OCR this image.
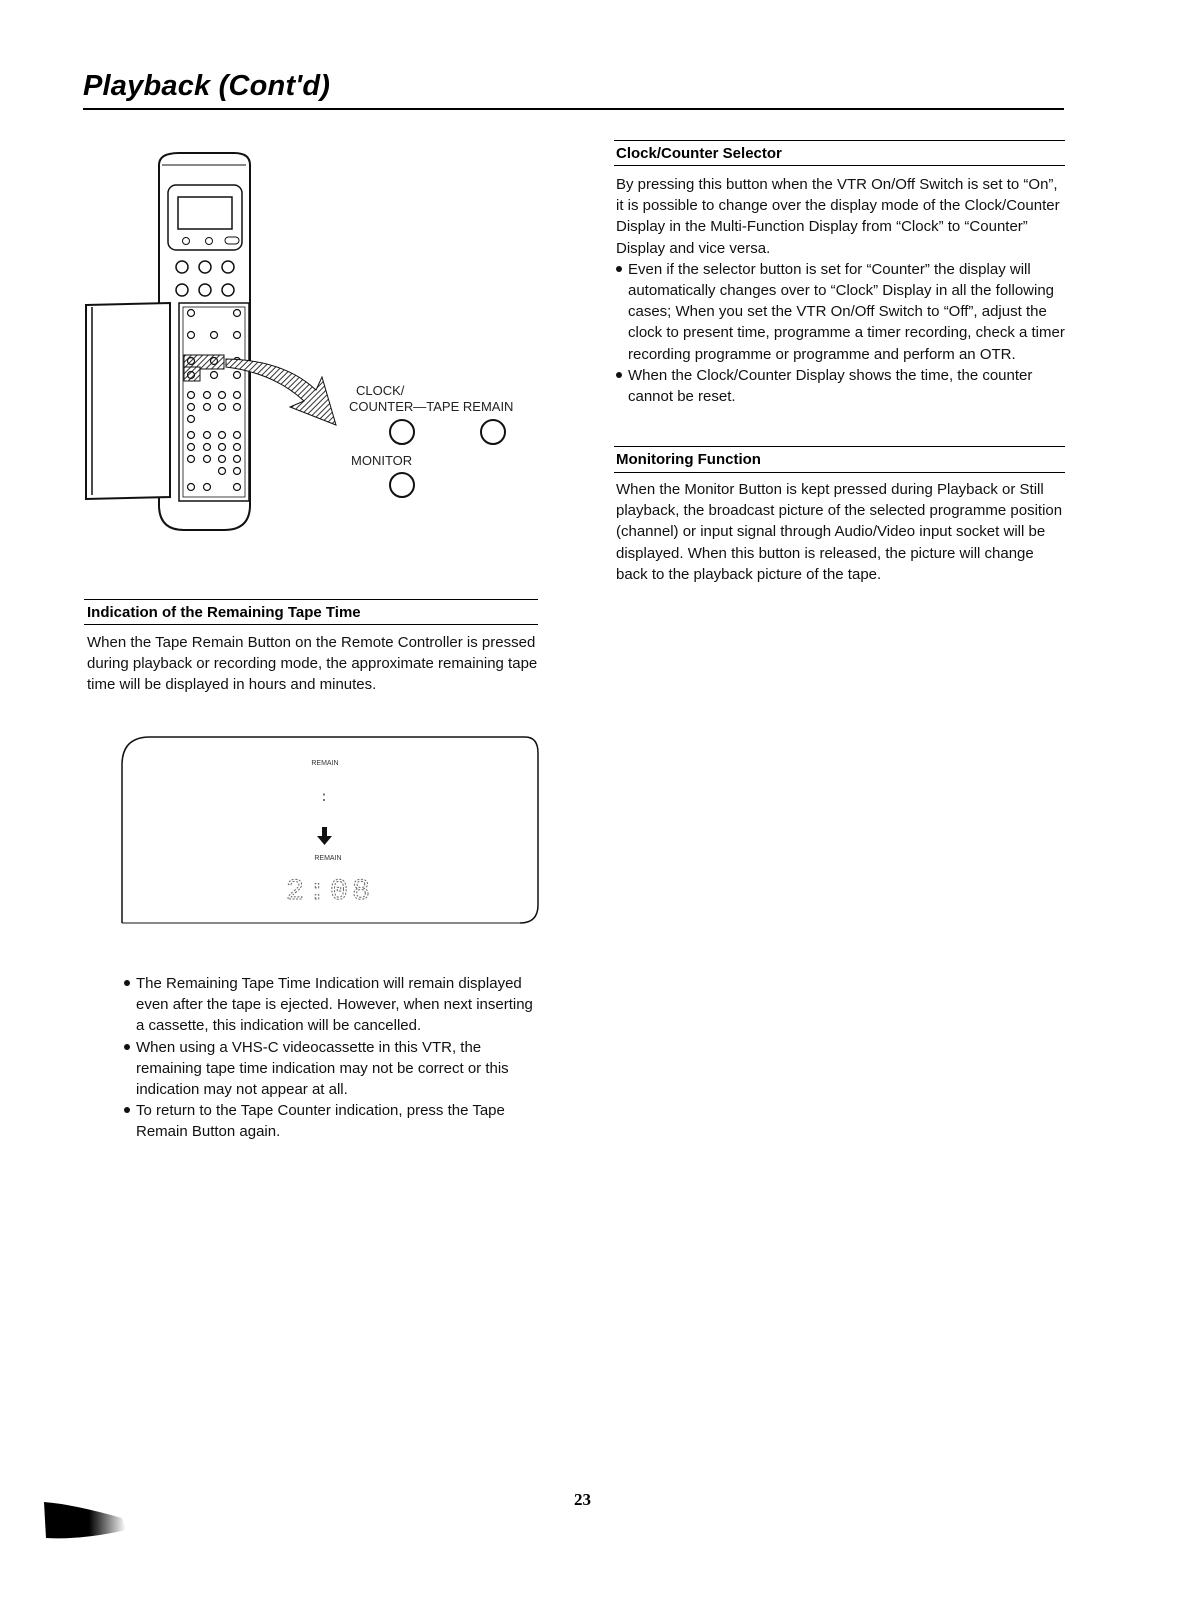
Playback (Cont'd)
CLOCK/
COUNTER—TAPE REMAIN
MONITOR
Indication of the Remaining Tape Time

When the Tape Remain Button on the Remote Controller is pressed during playback or recording mode, the approximate remaining tape time will be displayed in hours and minutes.

REMAIN
:
REMAIN
2:08

The Remaining Tape Time Indication will remain displayed even after the tape is ejected. However, when next inserting a cassette, this indication will be cancelled.

When using a VHS-C videocassette in this VTR, the remaining tape time indication may not be correct or this indication may not appear at all.

To return to the Tape Counter indication, press the Tape Remain Button again.

Clock/Counter Selector

By pressing this button when the VTR On/Off Switch is set to “On”, it is possible to change over the display mode of the Clock/Counter Display in the Multi-Function Display from “Clock” to “Counter” Display and vice versa.

Even if the selector button is set for “Counter” the display will automatically changes over to “Clock” Display in all the following cases; When you set the VTR On/Off Switch to “Off”, adjust the clock to present time, programme a timer recording, check a timer recording programme or programme and perform an OTR.

When the Clock/Counter Display shows the time, the counter cannot be reset.

Monitoring Function

When the Monitor Button is kept pressed during Playback or Still playback, the broadcast picture of the selected programme position (channel) or input signal through Audio/Video input socket will be displayed. When this button is released, the picture will change back to the playback picture of the tape.

23
